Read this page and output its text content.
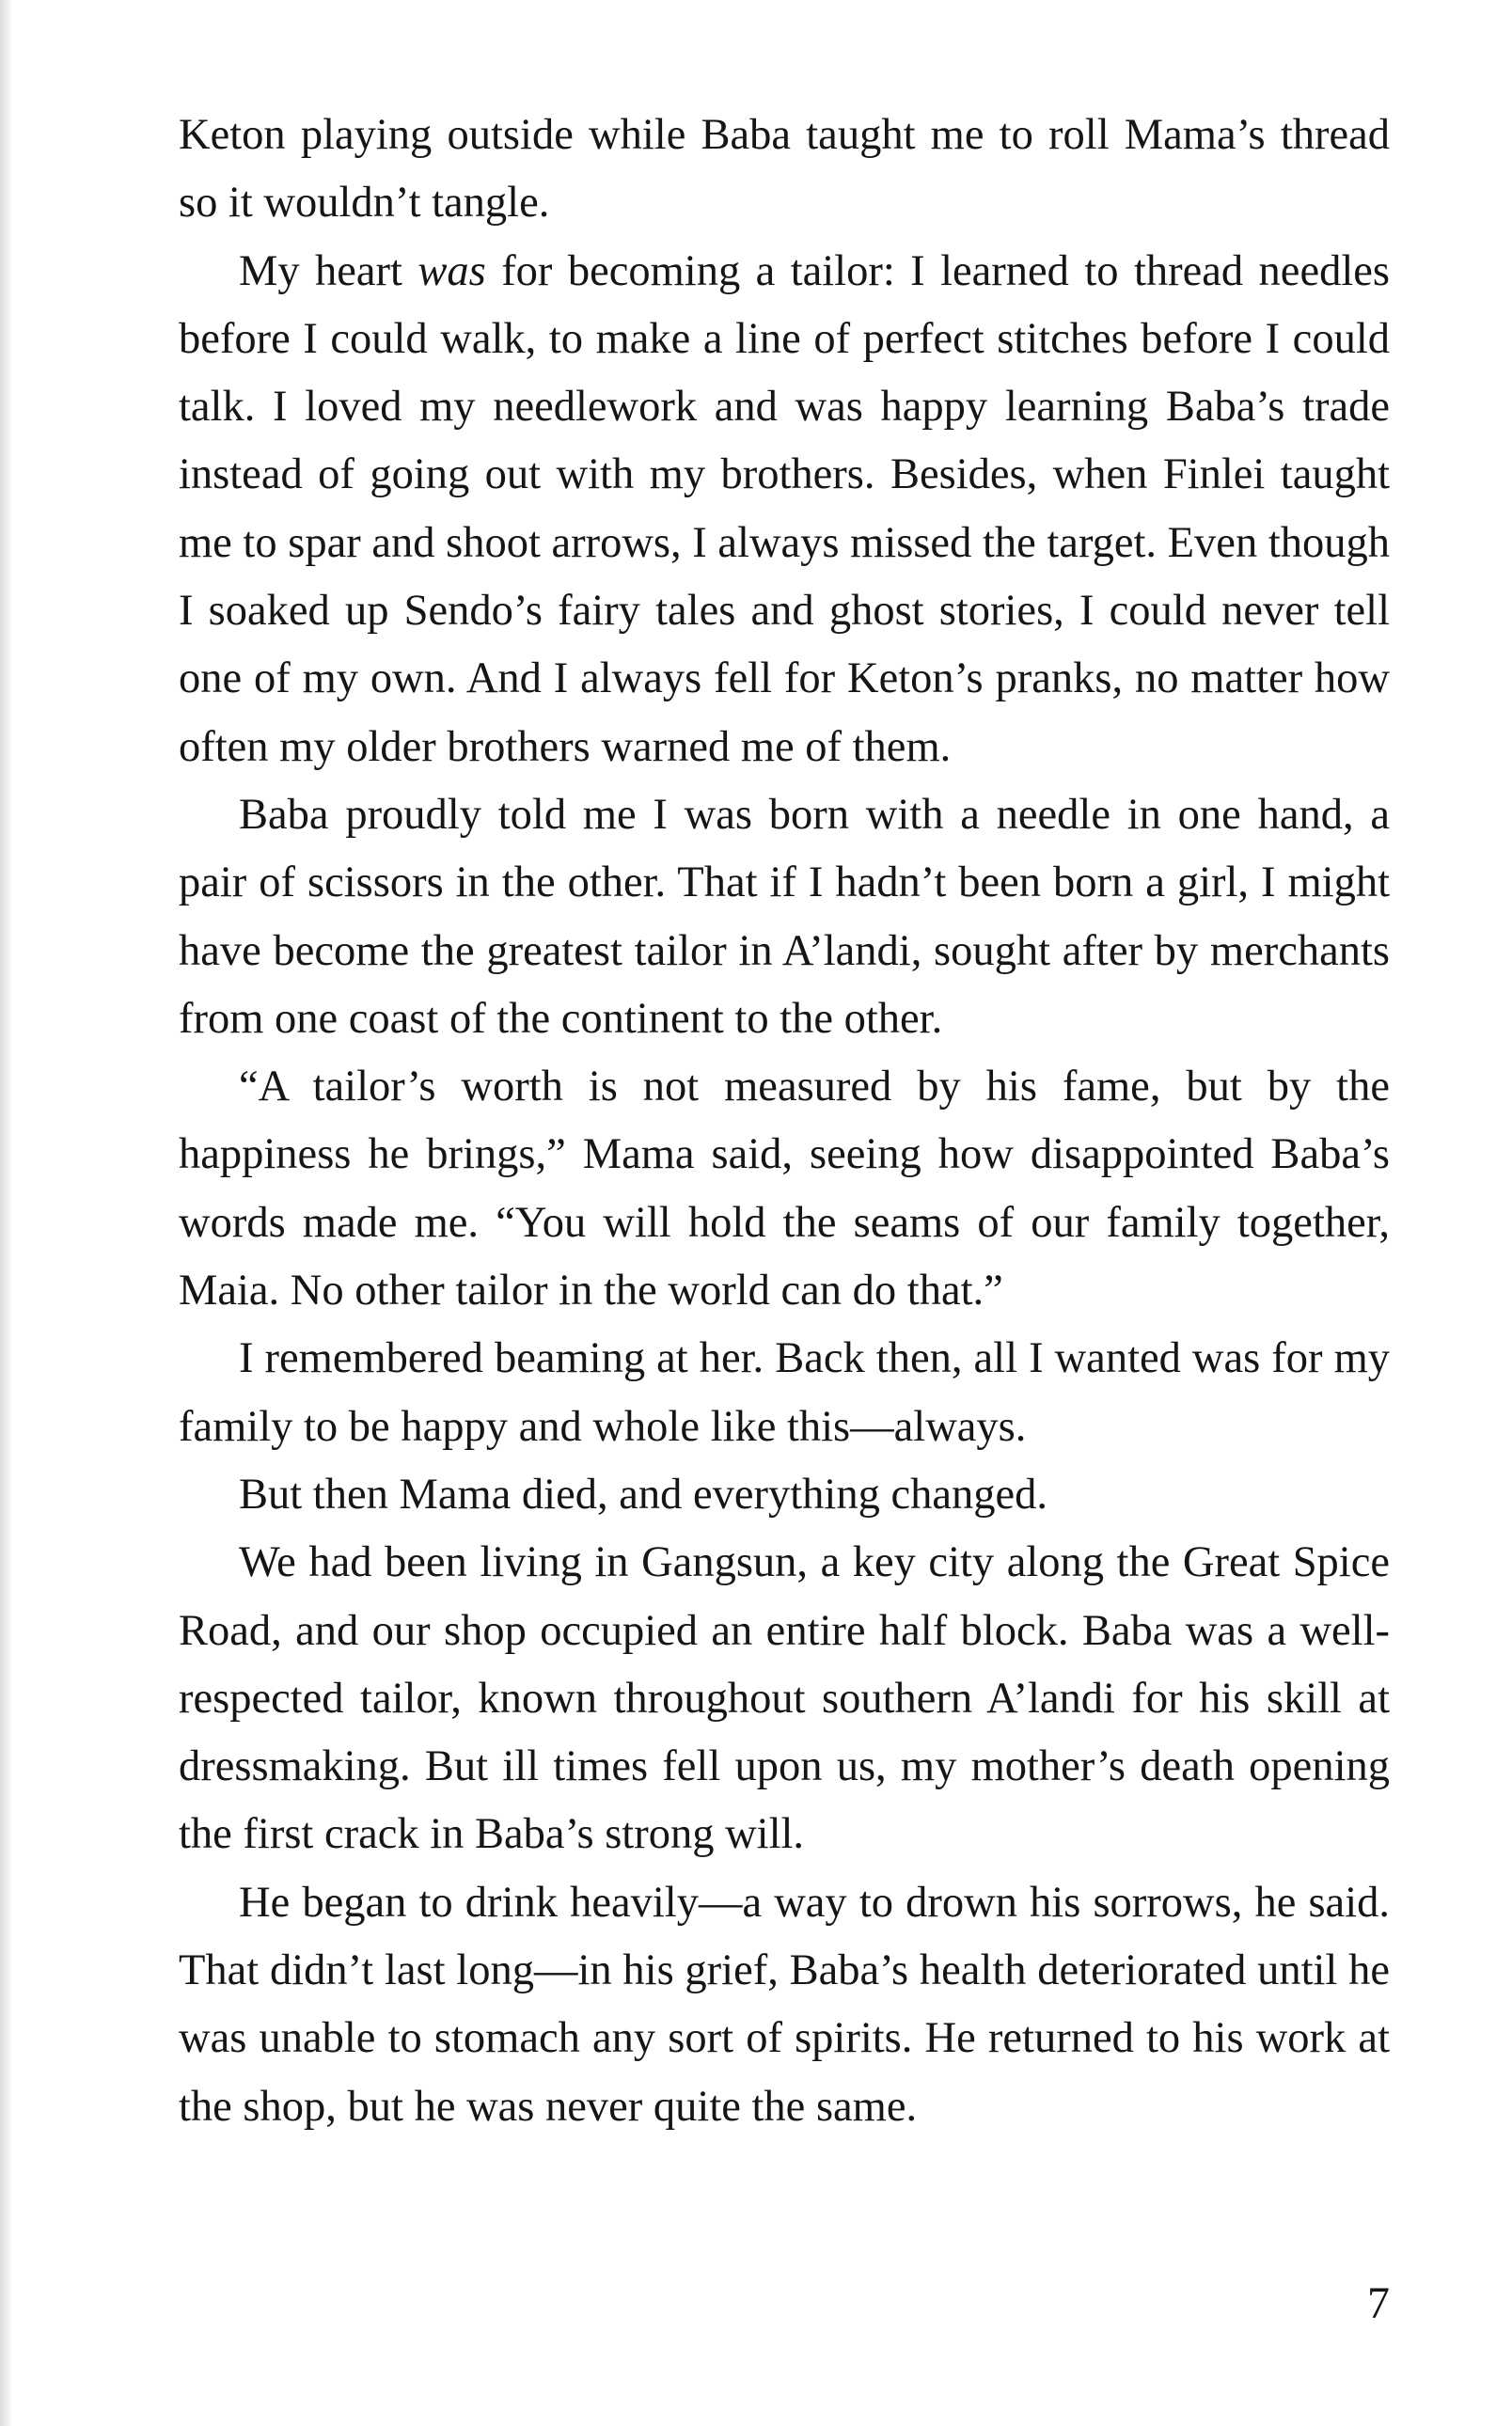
Keton playing outside while Baba taught me to roll Mama’s thread so it wouldn’t tangle.

My heart was for becoming a tailor: I learned to thread needles before I could walk, to make a line of perfect stitches before I could talk. I loved my needlework and was happy learning Baba’s trade instead of going out with my brothers. Besides, when Finlei taught me to spar and shoot arrows, I always missed the target. Even though I soaked up Sendo’s fairy tales and ghost stories, I could never tell one of my own. And I always fell for Keton’s pranks, no matter how often my older brothers warned me of them.

Baba proudly told me I was born with a needle in one hand, a pair of scissors in the other. That if I hadn’t been born a girl, I might have become the greatest tailor in A’landi, sought after by merchants from one coast of the continent to the other.

“A tailor’s worth is not measured by his fame, but by the happiness he brings,” Mama said, seeing how disappointed Baba’s words made me. “You will hold the seams of our family together, Maia. No other tailor in the world can do that.”

I remembered beaming at her. Back then, all I wanted was for my family to be happy and whole like this—always.

But then Mama died, and everything changed.

We had been living in Gangsun, a key city along the Great Spice Road, and our shop occupied an entire half block. Baba was a well-respected tailor, known throughout southern A’landi for his skill at dressmaking. But ill times fell upon us, my mother’s death opening the first crack in Baba’s strong will.

He began to drink heavily—a way to drown his sorrows, he said. That didn’t last long—in his grief, Baba’s health deteriorated until he was unable to stomach any sort of spirits. He returned to his work at the shop, but he was never quite the same.

7
